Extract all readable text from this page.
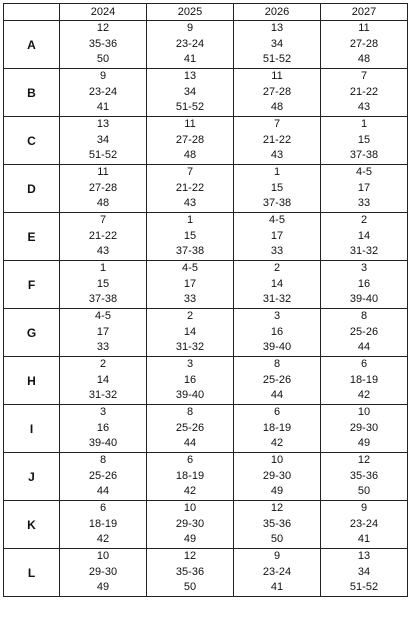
	2024	2025	2026	2027
A	12
35-36
50	9
23-24
41	13
34
51-52	11
27-28
48

B	9
23-24
41	13
34
51-52	11
27-28
48	7
21-22
43

C	13
34
51-52	11
27-28
48	7
21-22
43	1
15
37-38

D	11
27-28
48	7
21-22
43	1
15
37-38	4-5
17
33

E	7
21-22
43	1
15
37-38	4-5
17
33	2
14
31-32

F	1
15
37-38	4-5
17
33	2
14
31-32	3
16
39-40

G	4-5
17
33	2
14
31-32	3
16
39-40	8
25-26
44

H	2
14
31-32	3
16
39-40	8
25-26
44	6
18-19
42

I	3
16
39-40	8
25-26
44	6
18-19
42	10
29-30
49

J	8
25-26
44	6
18-19
42	10
29-30
49	12
35-36
50

K	6
18-19
42	10
29-30
49	12
35-36
50	9
23-24
41

L	10
29-30
49	12
35-36
50	9
23-24
41	13
34
51-52
